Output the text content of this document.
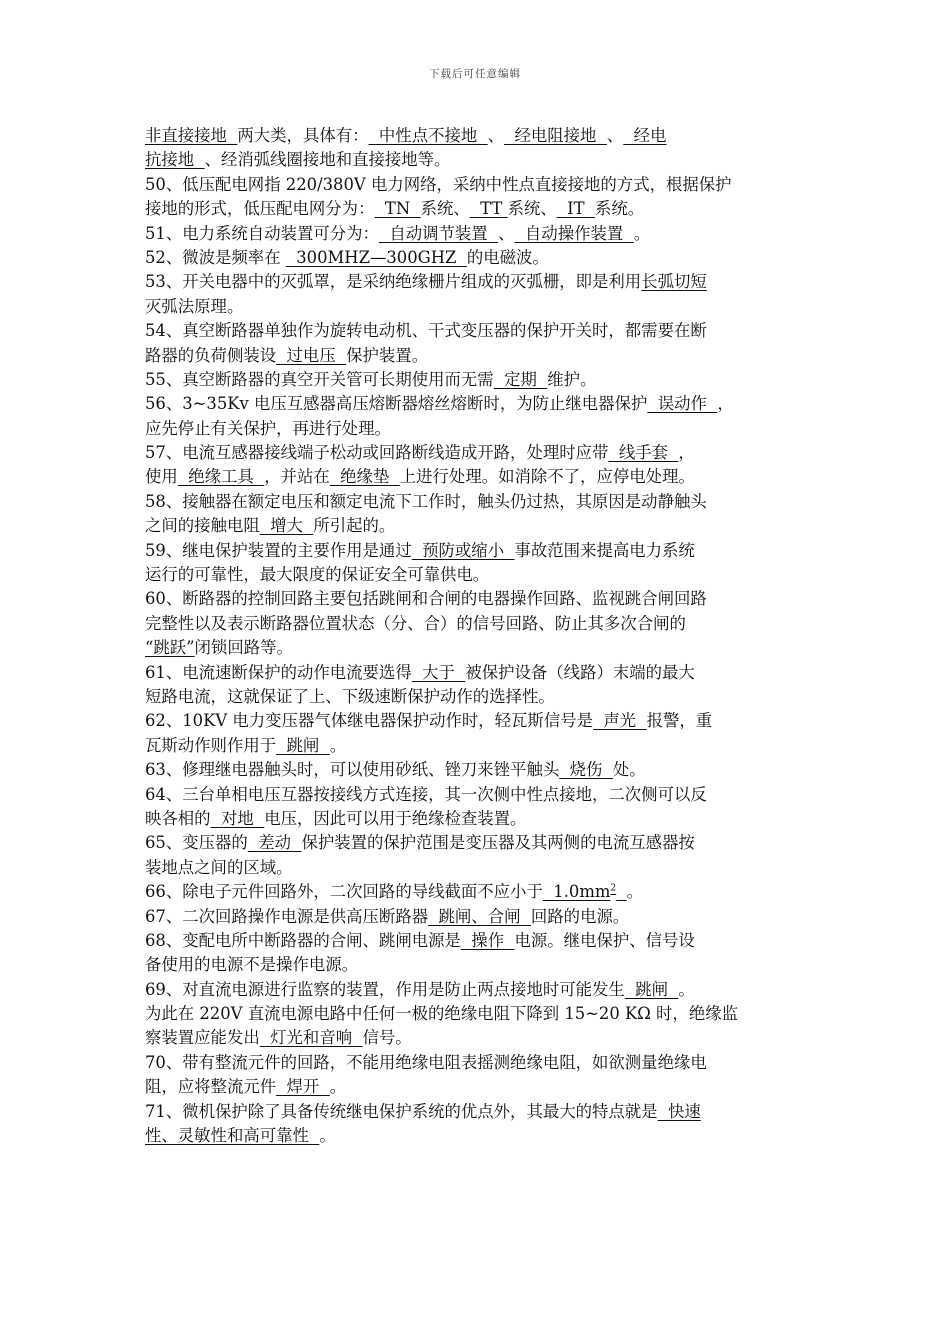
下载后可任意编辑
非直接接地  两大类，具体有：  中性点不接地  、  经电阻接地  、  经电
抗接地  、经消弧线圈接地和直接接地等。
50、低压配电网指 220/380V 电力网络，采纳中性点直接接地的方式，根据保护
接地的形式，低压配电网分为：  TN  系统、  TT 系统、  IT  系统。
51、电力系统自动装置可分为：  自动调节装置  、  自动操作装置  。
52、微波是频率在   300MHZ—300GHZ  的电磁波。
53、开关电器中的灭弧罩，是采纳绝缘栅片组成的灭弧栅，即是利用长弧切短
灭弧法原理。
54、真空断路器单独作为旋转电动机、干式变压器的保护开关时，都需要在断
路器的负荷侧装设  过电压  保护装置。
55、真空断路器的真空开关管可长期使用而无需  定期  维护。
56、3~35Kv 电压互感器高压熔断器熔丝熔断时，为防止继电器保护  误动作  ，
应先停止有关保护，再进行处理。
57、电流互感器接线端子松动或回路断线造成开路，处理时应带  线手套  ，
使用  绝缘工具  ，并站在  绝缘垫  上进行处理。如消除不了，应停电处理。
58、接触器在额定电压和额定电流下工作时，触头仍过热，其原因是动静触头
之间的接触电阻  增大  所引起的。
59、继电保护装置的主要作用是通过  预防或缩小  事故范围来提高电力系统
运行的可靠性，最大限度的保证安全可靠供电。
60、断路器的控制回路主要包括跳闸和合闸的电器操作回路、监视跳合闸回路
完整性以及表示断路器位置状态（分、合）的信号回路、防止其多次合闸的
“跳跃”闭锁回路等。
61、电流速断保护的动作电流要选得  大于  被保护设备（线路）末端的最大
短路电流，这就保证了上、下级速断保护动作的选择性。
62、10KV 电力变压器气体继电器保护动作时，轻瓦斯信号是  声光  报警，重
瓦斯动作则作用于  跳闸  。
63、修理继电器触头时，可以使用砂纸、锉刀来锉平触头  烧伤  处。
64、三台单相电压互器按接线方式连接，其一次侧中性点接地，二次侧可以反
映各相的  对地  电压，因此可以用于绝缘检查装置。
65、变压器的  差动  保护装置的保护范围是变压器及其两侧的电流互感器按
装地点之间的区域。
66、除电子元件回路外，二次回路的导线截面不应小于  $1.0mm^2$ 。
67、二次回路操作电源是供高压断路器  跳闸、合闸  回路的电源。
68、变配电所中断路器的合闸、跳闸电源是  操作  电源。继电保护、信号设
备使用的电源不是操作电源。
69、对直流电源进行监察的装置，作用是防止两点接地时可能发生  跳闸  。
为此在 220V 直流电源电路中任何一极的绝缘电阻下降到 15~20 KΩ 时，绝缘监
察装置应能发出  灯光和音响  信号。
70、带有整流元件的回路，不能用绝缘电阻表摇测绝缘电阻，如欲测量绝缘电
阻，应将整流元件  焊开  。
71、微机保护除了具备传统继电保护系统的优点外，其最大的特点就是  快速
性、灵敏性和高可靠性  。
